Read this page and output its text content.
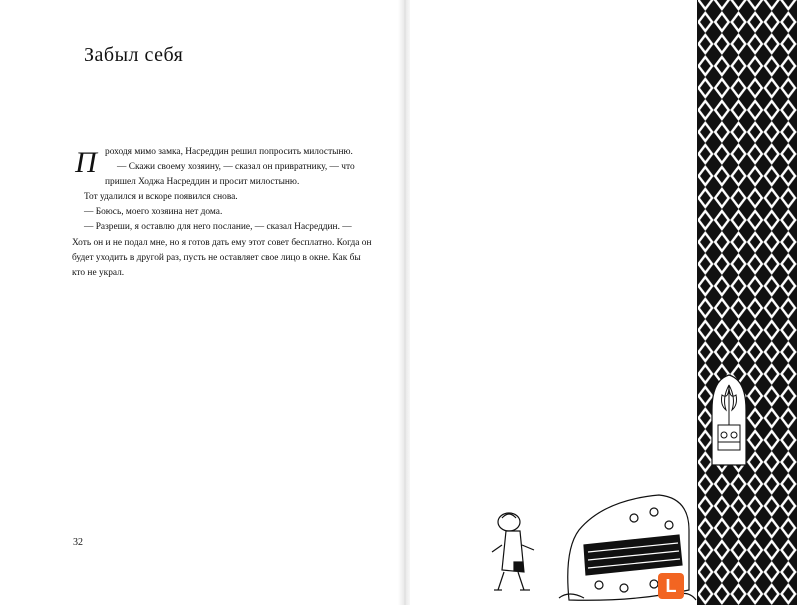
Забыл себя

Проходя мимо замка, Насреддин решил попросить милостыню.

— Скажи своему хозяину, — сказал он привратнику, — что пришел Ходжа Насреддин и просит милостыню.

Тот удалился и вскоре появился снова.

— Боюсь, моего хозяина нет дома.

— Разреши, я оставлю для него послание, — сказал Насреддин. — Хоть он и не подал мне, но я готов дать ему этот совет бесплатно. Когда он будет уходить в другой раз, пусть не оставляет свое лицо в окне. Как бы кто не украл.

32
L
